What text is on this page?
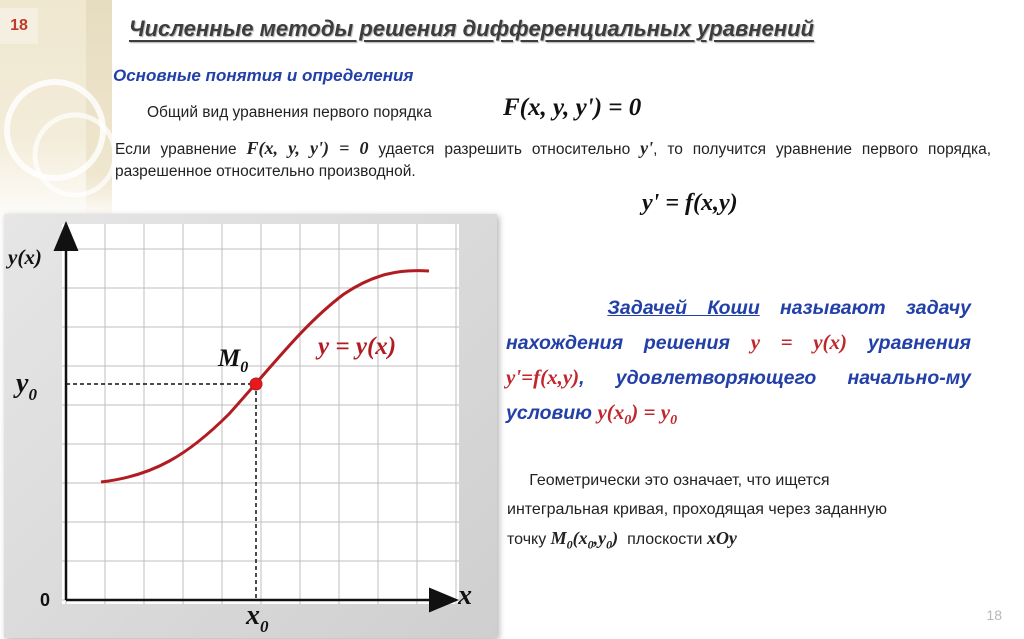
18	Численные методы решения дифференциальных уравнений
Основные понятия и определения
Общий вид уравнения первого порядка	F(x, y, y') = 0
Если уравнение F(x, y, y') = 0 удается разрешить относительно y', то получится уравнение первого порядка, разрешенное относительно производной.
y' = f(x,y)
y(x)
x
0
$M_0$
y = y(x)
$y_0$
$x_0$
Задачей Коши называют задачу нахождения решения y = y(x) уравнения y'=f(x,y), удовлетворяющего начально-му условию $y(x_0) = y_0$
Геометрически это означает, что ищется интегральная кривая, проходящая через заданную точку $M_0(x_0,y_0)$  плоскости xOy
18
